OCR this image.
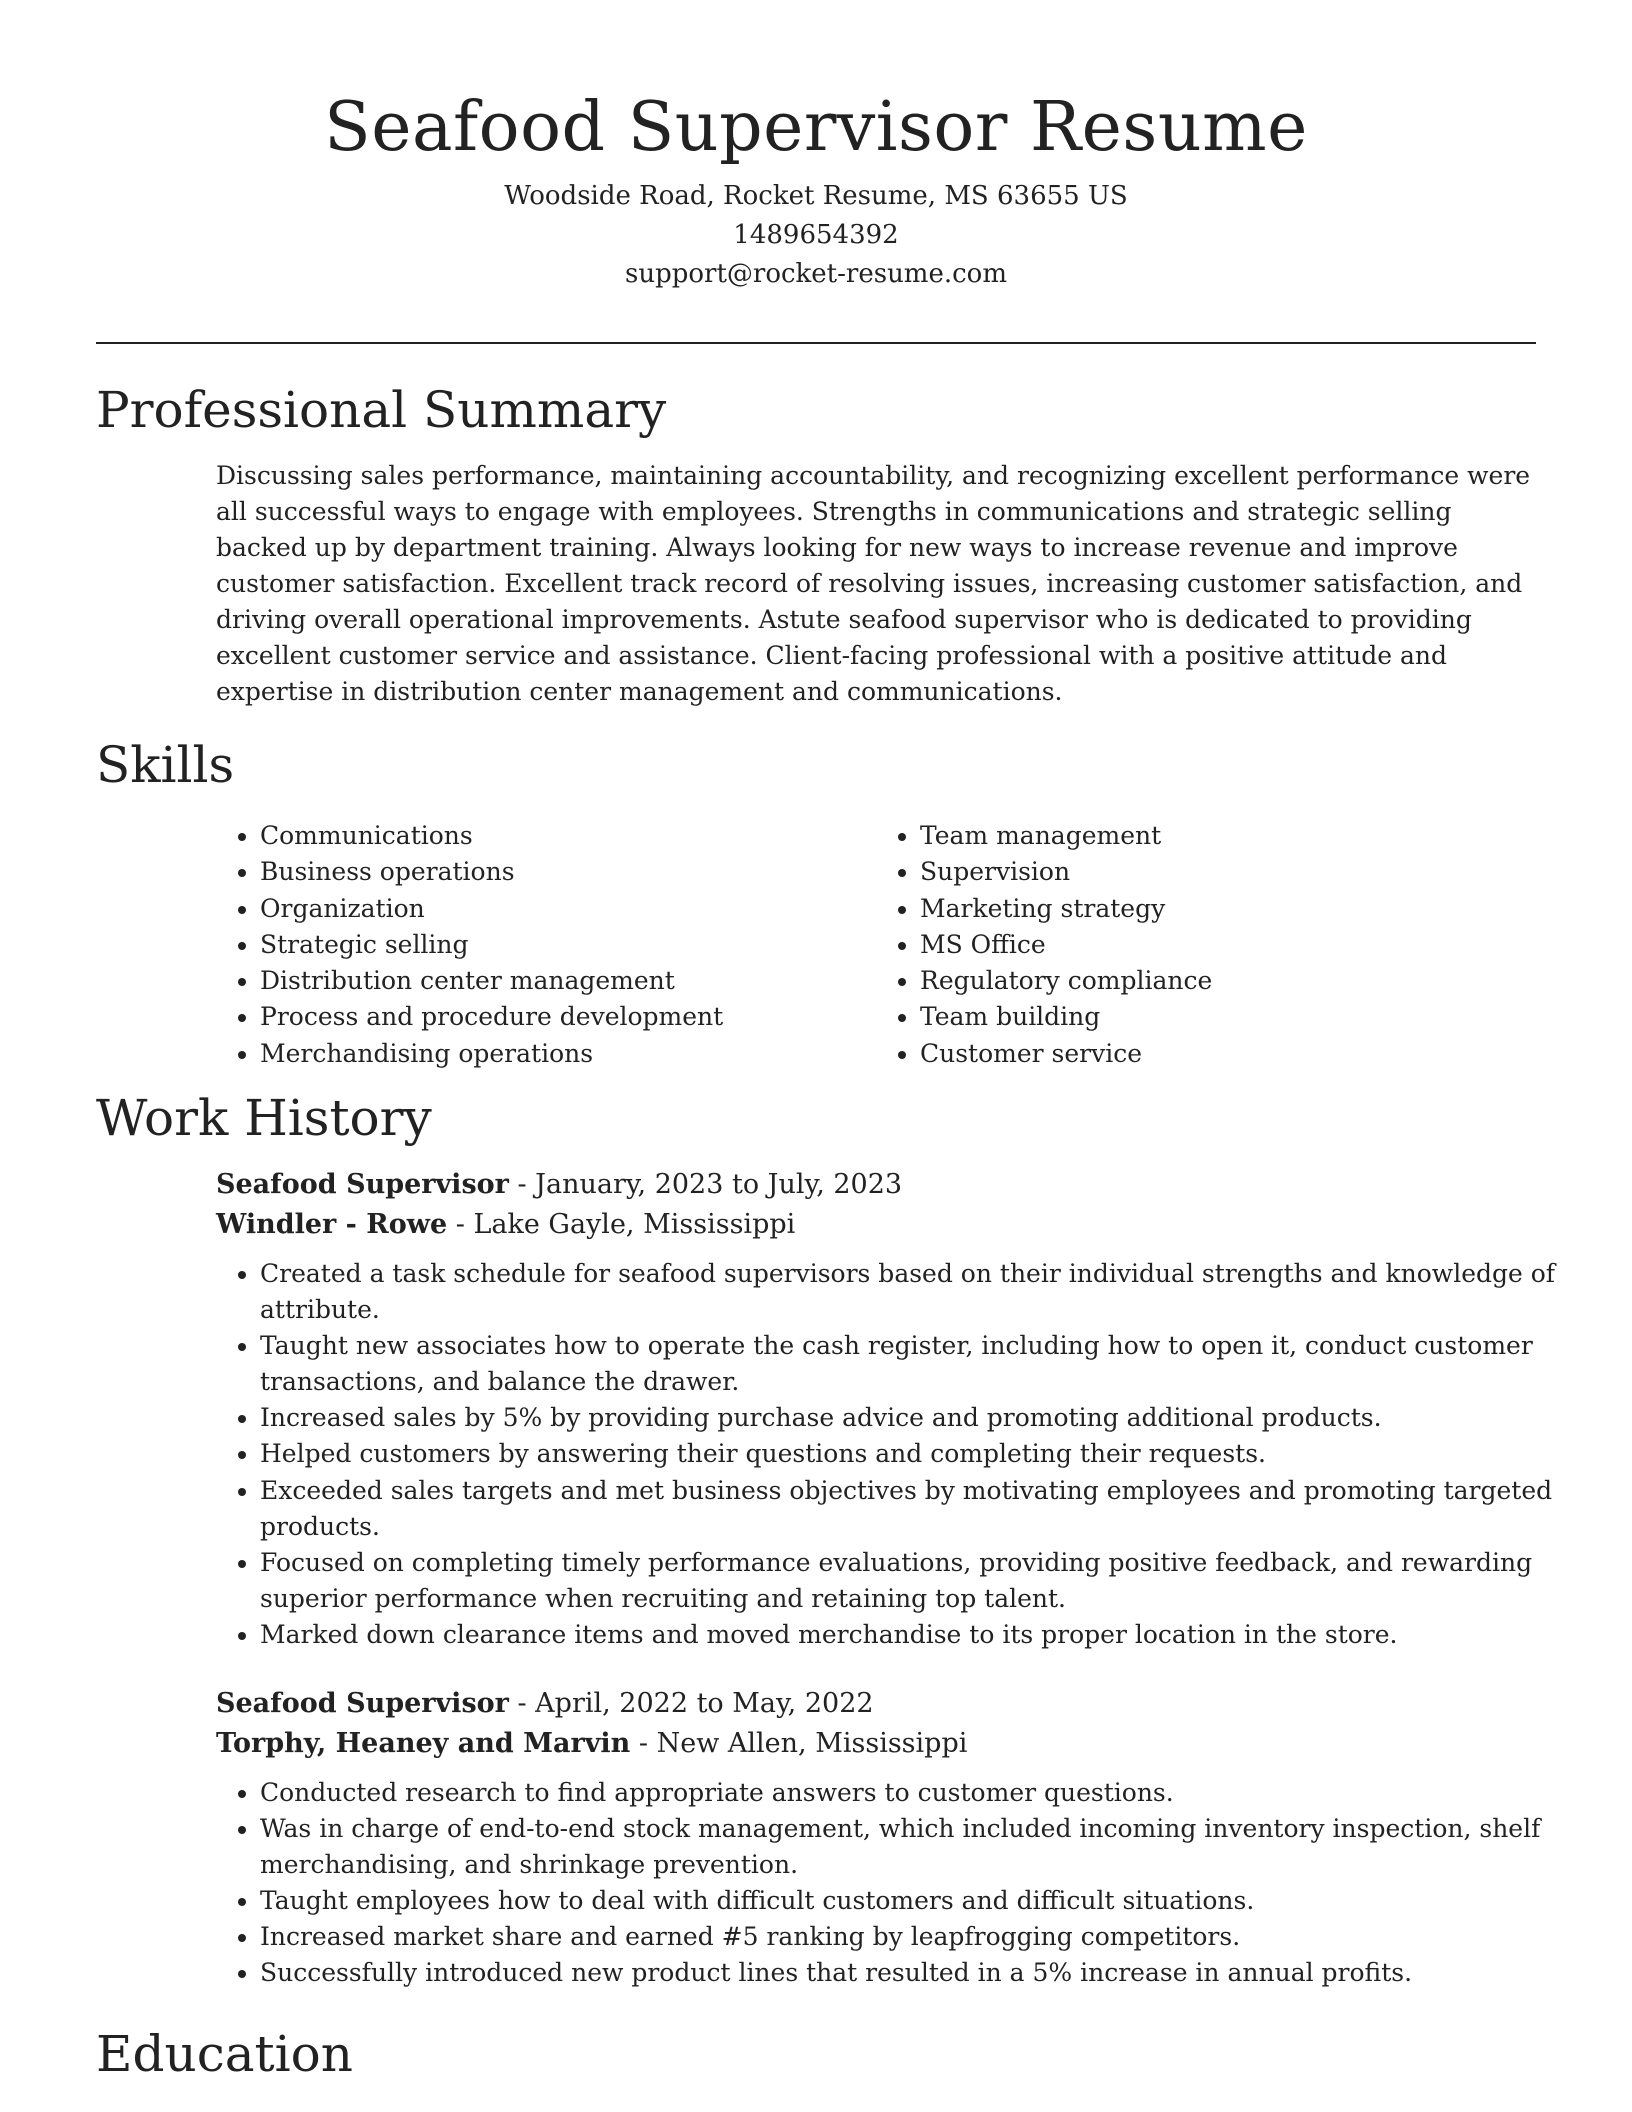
Seafood Supervisor Resume
Woodside Road, Rocket Resume, MS 63655 US
1489654392
support@rocket-resume.com
Professional Summary
Discussing sales performance, maintaining accountability, and recognizing excellent performance were all successful ways to engage with employees. Strengths in communications and strategic selling backed up by department training. Always looking for new ways to increase revenue and improve customer satisfaction. Excellent track record of resolving issues, increasing customer satisfaction, and driving overall operational improvements. Astute seafood supervisor who is dedicated to providing excellent customer service and assistance. Client-facing professional with a positive attitude and expertise in distribution center management and communications.
Skills
• Communications
• Business operations
• Organization
• Strategic selling
• Distribution center management
• Process and procedure development
• Merchandising operations
• Team management
• Supervision
• Marketing strategy
• MS Office
• Regulatory compliance
• Team building
• Customer service
Work History
Seafood Supervisor - January, 2023 to July, 2023
Windler - Rowe - Lake Gayle, Mississippi
• Created a task schedule for seafood supervisors based on their individual strengths and knowledge of attribute.
• Taught new associates how to operate the cash register, including how to open it, conduct customer transactions, and balance the drawer.
• Increased sales by 5% by providing purchase advice and promoting additional products.
• Helped customers by answering their questions and completing their requests.
• Exceeded sales targets and met business objectives by motivating employees and promoting targeted products.
• Focused on completing timely performance evaluations, providing positive feedback, and rewarding superior performance when recruiting and retaining top talent.
• Marked down clearance items and moved merchandise to its proper location in the store.
Seafood Supervisor - April, 2022 to May, 2022
Torphy, Heaney and Marvin - New Allen, Mississippi
• Conducted research to find appropriate answers to customer questions.
• Was in charge of end-to-end stock management, which included incoming inventory inspection, shelf merchandising, and shrinkage prevention.
• Taught employees how to deal with difficult customers and difficult situations.
• Increased market share and earned #5 ranking by leapfrogging competitors.
• Successfully introduced new product lines that resulted in a 5% increase in annual profits.
Education
